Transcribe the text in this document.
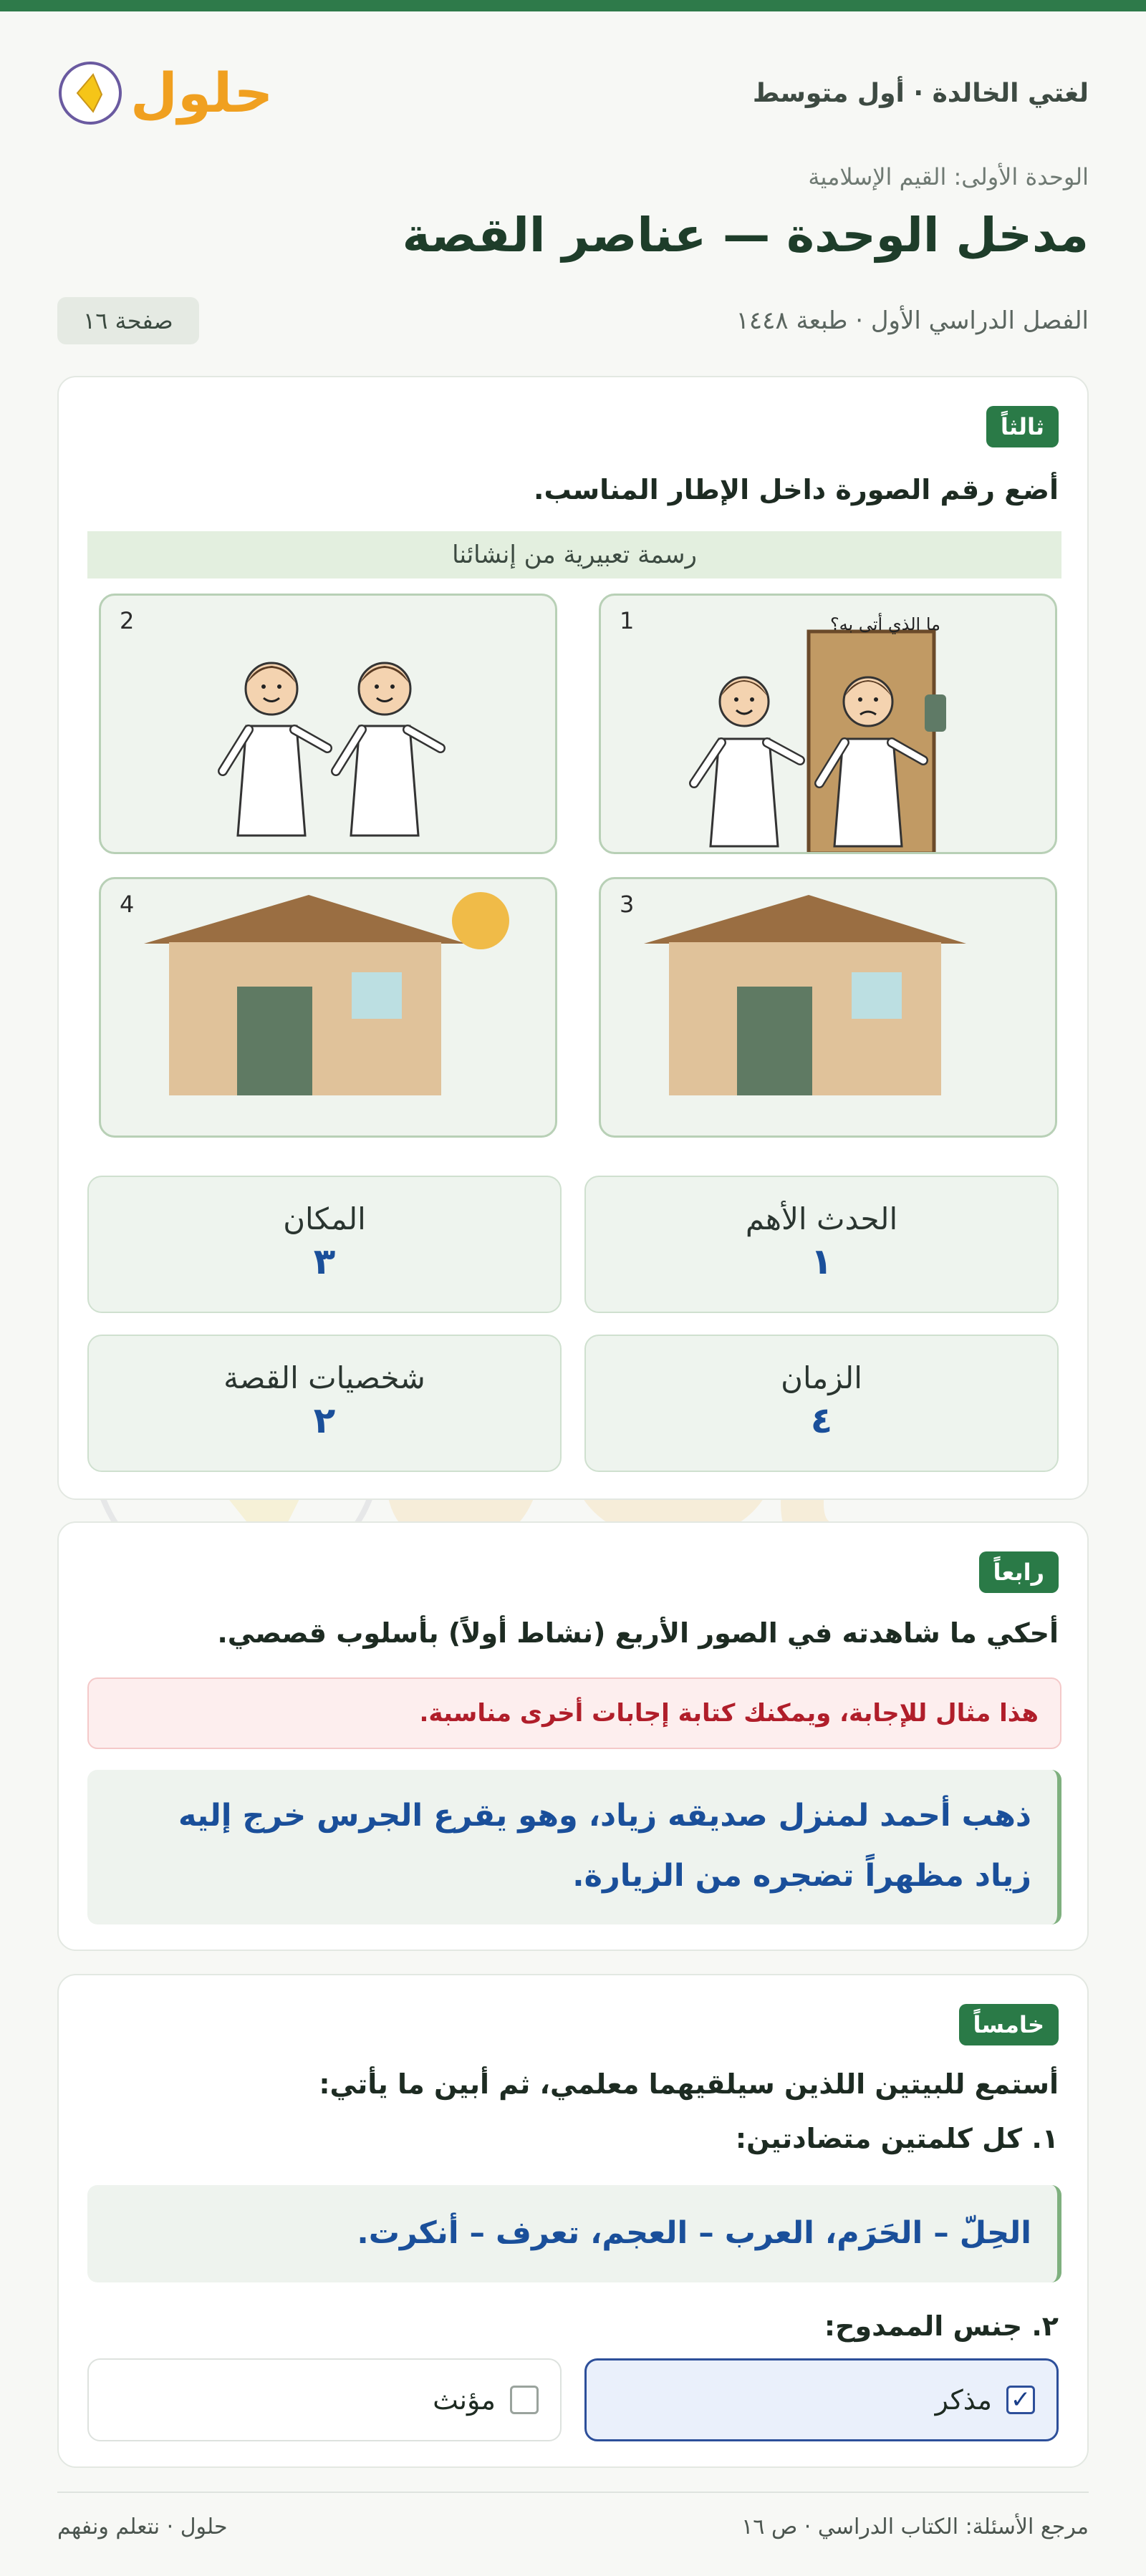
لغتي الخالدة · أول متوسط
حلول
الوحدة الأولى: القيم الإسلامية
مدخل الوحدة — عناصر القصة
الفصل الدراسي الأول · طبعة ١٤٤٨
صفحة ١٦
ثالثاً
أضع رقم الصورة داخل الإطار المناسب.
رسمة تعبيرية من إنشائنا
1	ما الذي أتى به؟
2
3
4
الحدث الأهم
١
المكان
٣
الزمان
٤
شخصيات القصة
٢
رابعاً
أحكي ما شاهدته في الصور الأربع (نشاط أولاً) بأسلوب قصصي.
هذا مثال للإجابة، ويمكنك كتابة إجابات أخرى مناسبة.
ذهب أحمد لمنزل صديقه زياد، وهو يقرع الجرس خرج إليه زياد مظهراً تضجره من الزيارة.
خامساً
أستمع للبيتين اللذين سيلقيهما معلمي، ثم أبين ما يأتي:
١. كل كلمتين متضادتين:
الحِلّ – الحَرَم، العرب – العجم، تعرف – أنكرت.
٢. جنس الممدوح:
✓
مذكر
مؤنث
مرجع الأسئلة: الكتاب الدراسي · ص ١٦
حلول · نتعلم ونفهم
